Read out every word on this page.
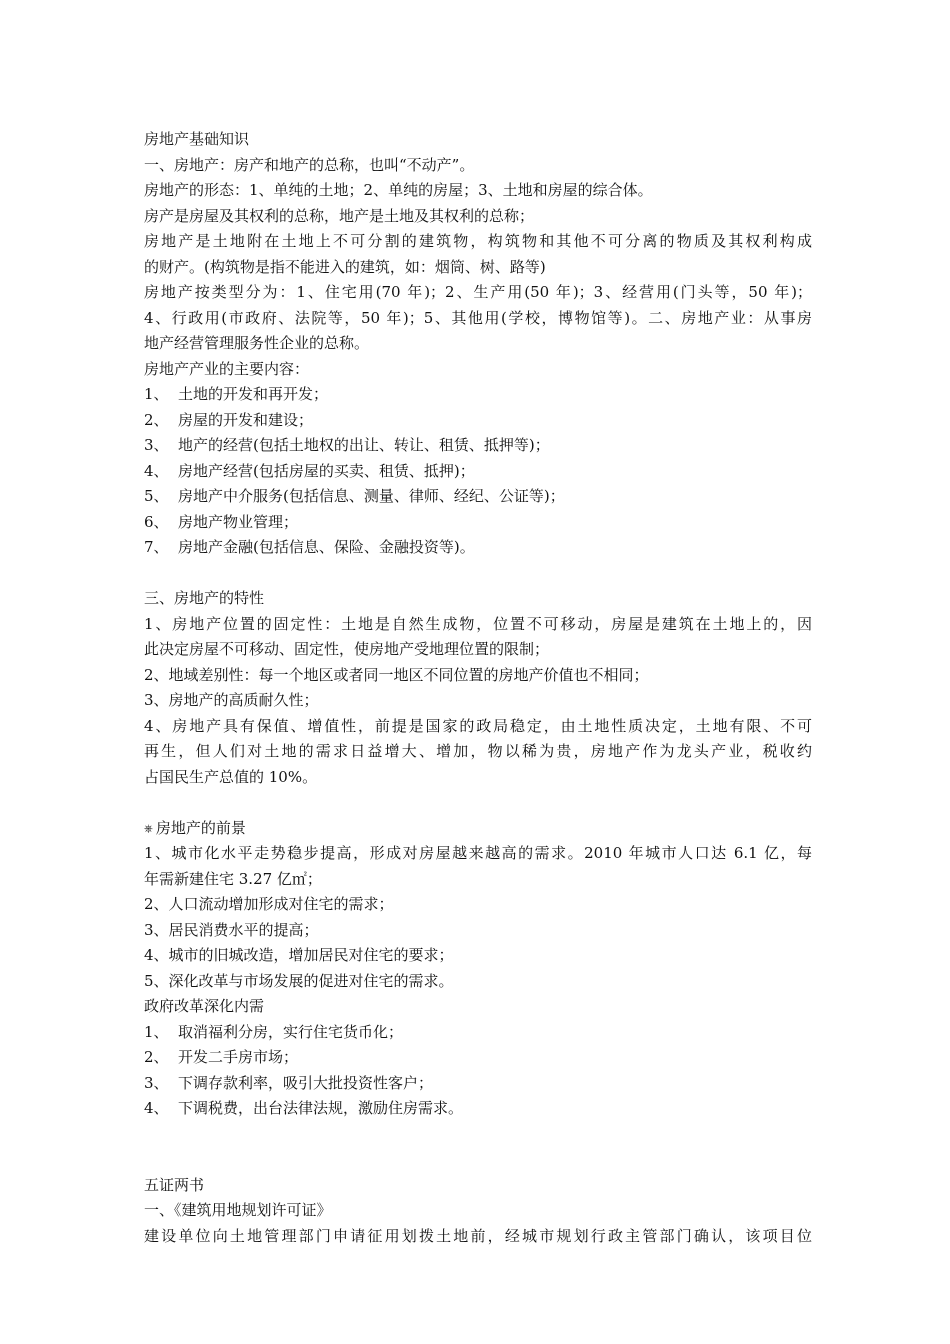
房地产基础知识
一、房地产：房产和地产的总称，也叫“不动产”。
房地产的形态：1、单纯的土地；2、单纯的房屋；3、土地和房屋的综合体。
房产是房屋及其权利的总称，地产是土地及其权利的总称；
房地产是土地附在土地上不可分割的建筑物，构筑物和其他不可分离的物质及其权利构成
的财产。(构筑物是指不能进入的建筑，如：烟筒、树、路等)
房地产按类型分为：1、住宅用(70 年)；2、生产用(50 年)；3、经营用(门头等，50 年)；
4、行政用(市政府、法院等，50 年)；5、其他用(学校，博物馆等)。二、房地产业：从事房
地产经营管理服务性企业的总称。
房地产产业的主要内容：
1、 土地的开发和再开发；
2、 房屋的开发和建设；
3、 地产的经营(包括土地权的出让、转让、租赁、抵押等)；
4、 房地产经营(包括房屋的买卖、租赁、抵押)；
5、 房地产中介服务(包括信息、测量、律师、经纪、公证等)；
6、 房地产物业管理；
7、 房地产金融(包括信息、保险、金融投资等)。
三、房地产的特性
1、房地产位置的固定性：土地是自然生成物，位置不可移动，房屋是建筑在土地上的，因
此决定房屋不可移动、固定性，使房地产受地理位置的限制；
2、地域差别性：每一个地区或者同一地区不同位置的房地产价值也不相同；
3、房地产的高质耐久性；
4、房地产具有保值、增值性，前提是国家的政局稳定，由土地性质决定，土地有限、不可
再生，但人们对土地的需求日益增大、增加，物以稀为贵，房地产作为龙头产业，税收约
占国民生产总值的 10%。
⎈ 房地产的前景
1、城市化水平走势稳步提高，形成对房屋越来越高的需求。2010 年城市人口达 6.1 亿，每
年需新建住宅 3.27 亿㎡；
2、人口流动增加形成对住宅的需求；
3、居民消费水平的提高；
4、城市的旧城改造，增加居民对住宅的要求；
5、深化改革与市场发展的促进对住宅的需求。
政府改革深化内需
1、 取消福利分房，实行住宅货币化；
2、 开发二手房市场；
3、 下调存款利率，吸引大批投资性客户；
4、 下调税费，出台法律法规，激励住房需求。
五证两书
一、《建筑用地规划许可证》
建设单位向土地管理部门申请征用划拨土地前，经城市规划行政主管部门确认，该项目位
